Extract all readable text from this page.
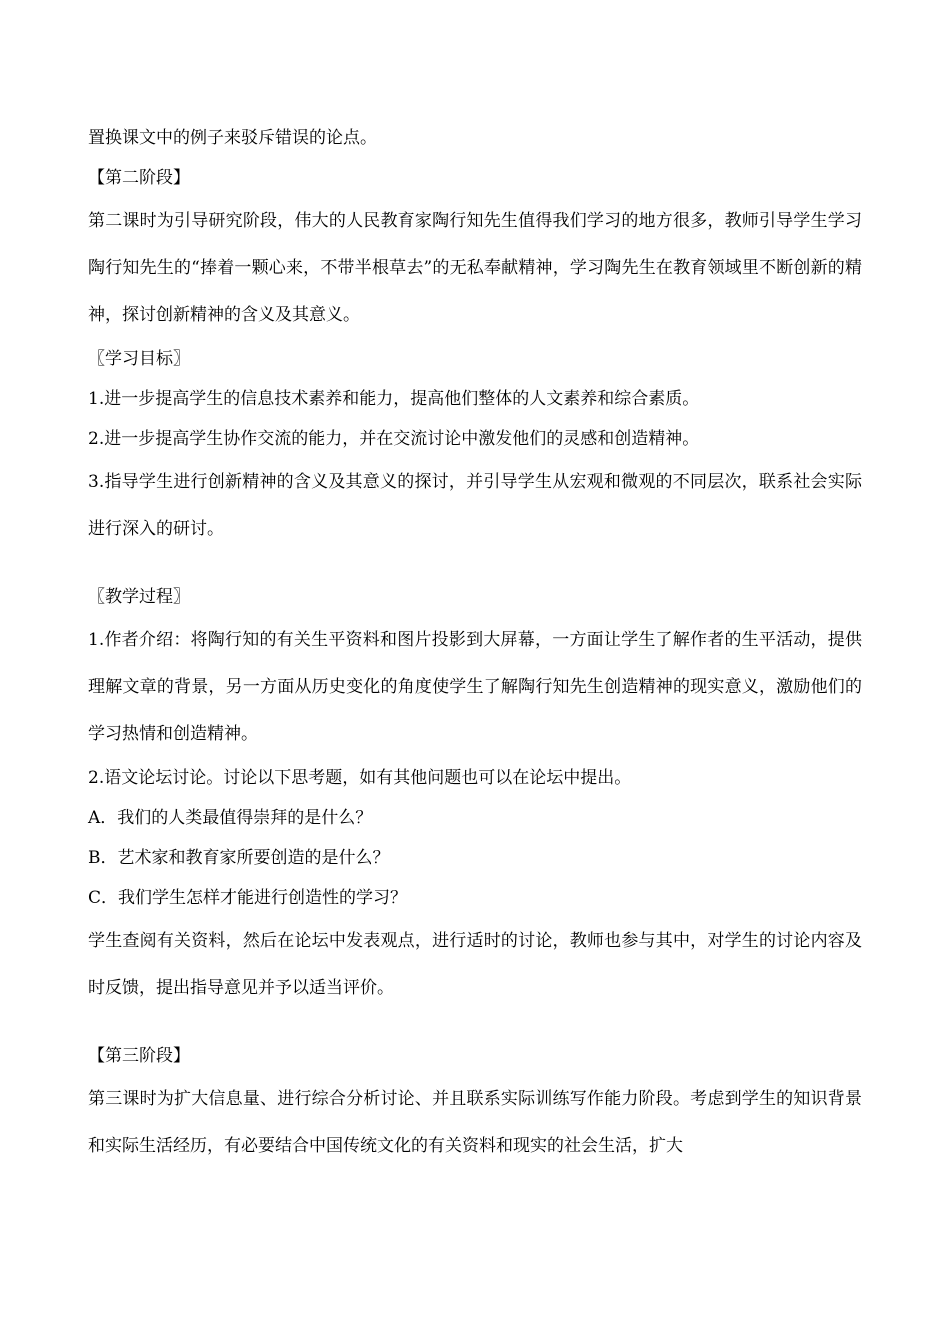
置换课文中的例子来驳斥错误的论点。

【第二阶段】

第二课时为引导研究阶段，伟大的人民教育家陶行知先生值得我们学习的地方很多，教师引导学生学习陶行知先生的“捧着一颗心来，不带半根草去”的无私奉献精神，学习陶先生在教育领域里不断创新的精神，探讨创新精神的含义及其意义。

〖学习目标〗

1.进一步提高学生的信息技术素养和能力，提高他们整体的人文素养和综合素质。

2.进一步提高学生协作交流的能力，并在交流讨论中激发他们的灵感和创造精神。

3.指导学生进行创新精神的含义及其意义的探讨，并引导学生从宏观和微观的不同层次，联系社会实际进行深入的研讨。

〖教学过程〗

1.作者介绍：将陶行知的有关生平资料和图片投影到大屏幕，一方面让学生了解作者的生平活动，提供理解文章的背景，另一方面从历史变化的角度使学生了解陶行知先生创造精神的现实意义，激励他们的学习热情和创造精神。

2.语文论坛讨论。讨论以下思考题，如有其他问题也可以在论坛中提出。

A．我们的人类最值得崇拜的是什么？

B．艺术家和教育家所要创造的是什么？

C．我们学生怎样才能进行创造性的学习？

学生查阅有关资料，然后在论坛中发表观点，进行适时的讨论，教师也参与其中，对学生的讨论内容及时反馈，提出指导意见并予以适当评价。

【第三阶段】

第三课时为扩大信息量、进行综合分析讨论、并且联系实际训练写作能力阶段。考虑到学生的知识背景和实际生活经历，有必要结合中国传统文化的有关资料和现实的社会生活，扩大
